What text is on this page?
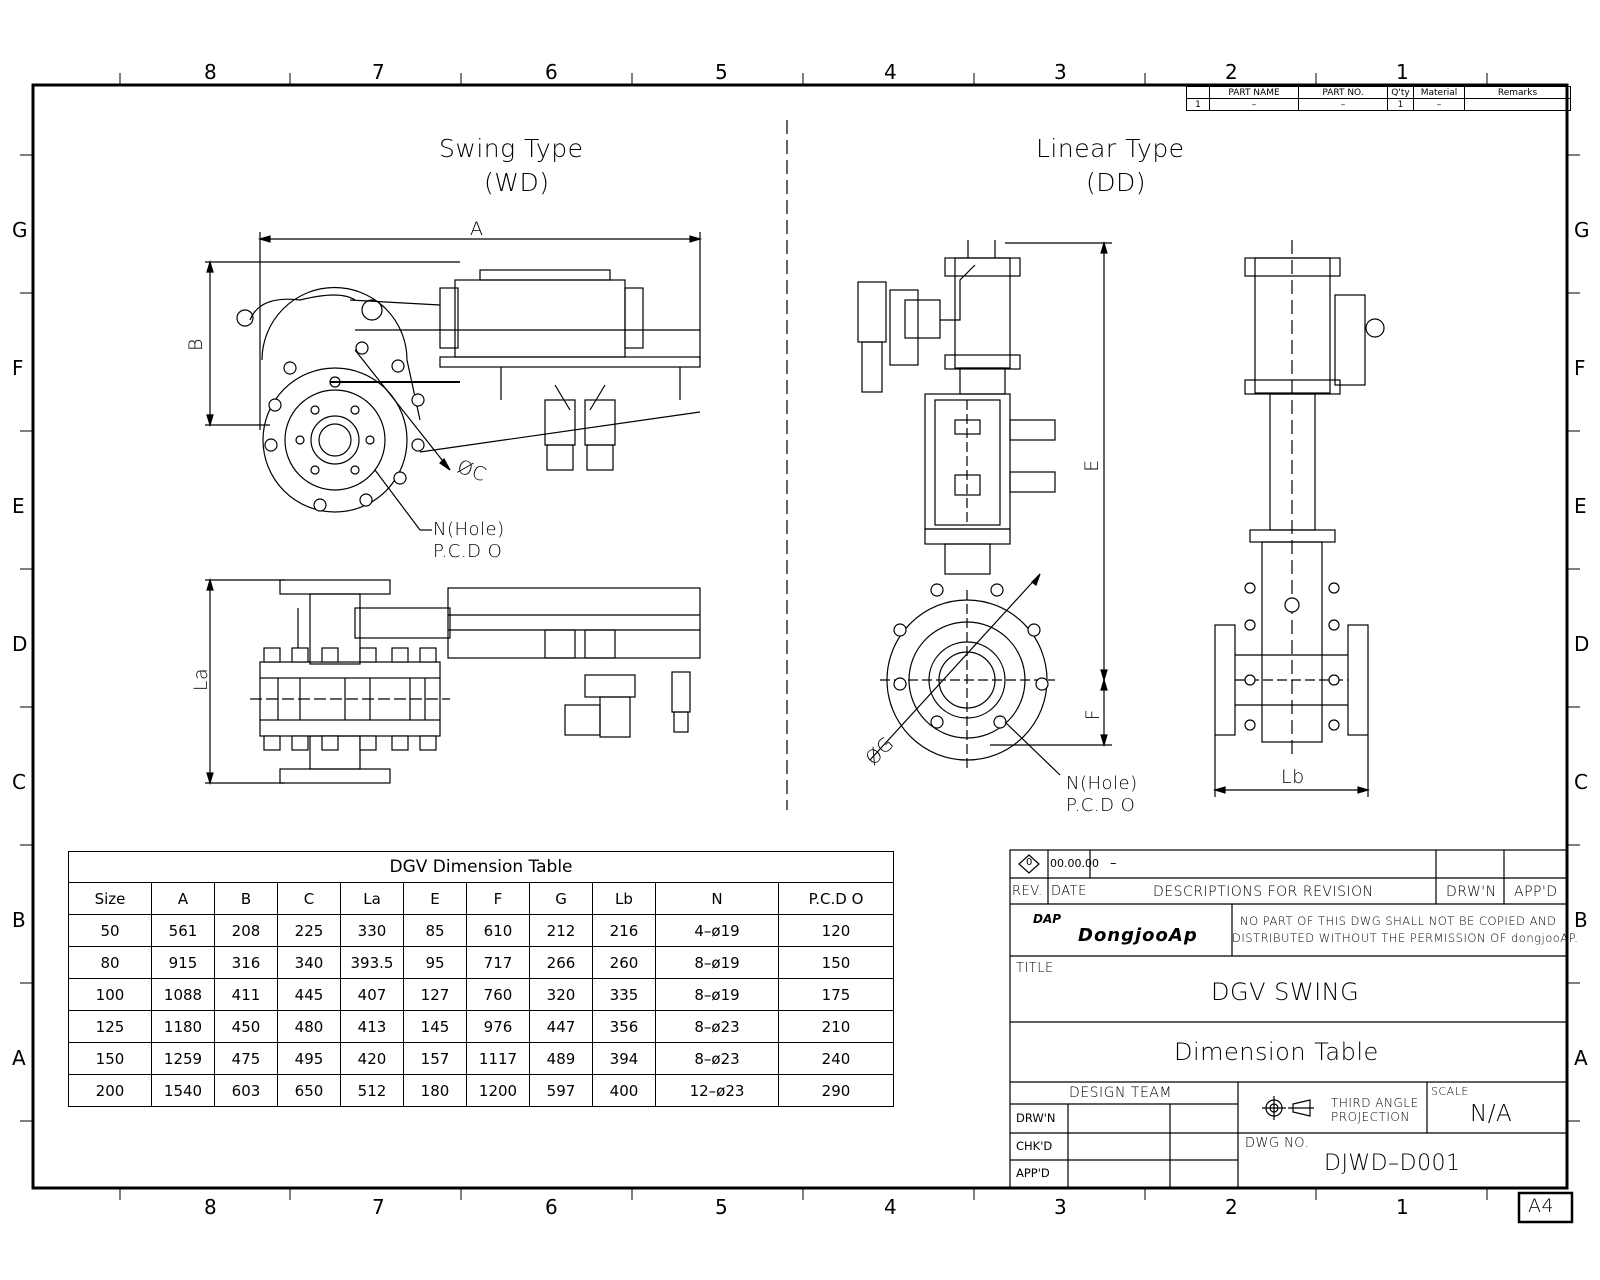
8	7	6	5	4	3	2	1
8	7	6	5	4	3	2	1
G
F
E
D
C
B
A
G
F
E
D
C
B
A
	PART NAME	PART NO.	Q'ty	Material	Remarks
1	–	–	1	–	
Swing Type
(WD)
Linear Type
(DD)
A
B
ØC
N(Hole)
P.C.D O
La
E
F
ØG
N(Hole)
P.C.D O
Lb
DGV Dimension Table
Size	A	B	C	La	E	F	G	Lb	N	P.C.D O
50	561	208	225	330	85	610	212	216	4–ø19	120
80	915	316	340	393.5	95	717	266	260	8–ø19	150
100	1088	411	445	407	127	760	320	335	8–ø19	175
125	1180	450	480	413	145	976	447	356	8–ø23	210
150	1259	475	495	420	157	1117	489	394	8–ø23	240
200	1540	603	650	512	180	1200	597	400	12–ø23	290
0 00.00.00 –
REV. DATE	DESCRIPTIONS FOR REVISION	DRW'N APP'D
$^{DAP}$
DongjooAp
NO PART OF THIS DWG SHALL NOT BE COPIED AND
DISTRIBUTED WITHOUT THE PERMISSION OF dongjooAP.
TITLE
DGV SWING
Dimension Table
DESIGN TEAM
DRW'N
CHK'D
APP'D
THIRD ANGLE
PROJECTION
SCALE
N/A
DWG NO.
DJWD–D001
A4
